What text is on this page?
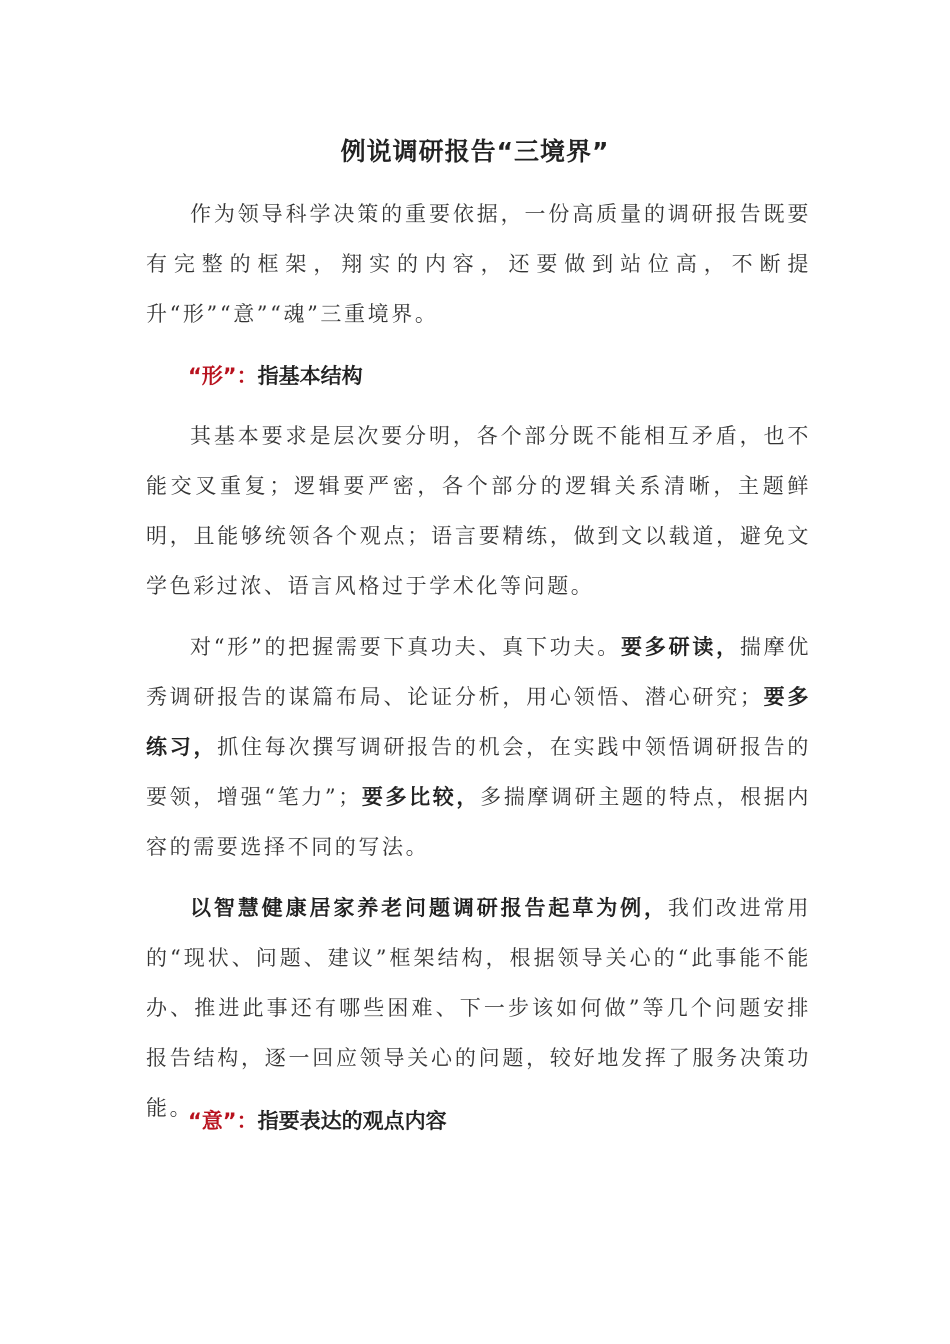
例说调研报告“三境界”

作为领导科学决策的重要依据，一份高质量的调研报告既要有完整的框架，翔实的内容，还要做到站位高，不断提升“形”“意”“魂”三重境界。

“形”：指基本结构

其基本要求是层次要分明，各个部分既不能相互矛盾，也不能交叉重复；逻辑要严密，各个部分的逻辑关系清晰，主题鲜明，且能够统领各个观点；语言要精练，做到文以载道，避免文学色彩过浓、语言风格过于学术化等问题。

对“形”的把握需要下真功夫、真下功夫。要多研读，揣摩优秀调研报告的谋篇布局、论证分析，用心领悟、潜心研究；要多练习，抓住每次撰写调研报告的机会，在实践中领悟调研报告的要领，增强“笔力”；要多比较，多揣摩调研主题的特点，根据内容的需要选择不同的写法。

以智慧健康居家养老问题调研报告起草为例，我们改进常用的“现状、问题、建议”框架结构，根据领导关心的“此事能不能办、推进此事还有哪些困难、下一步该如何做”等几个问题安排报告结构，逐一回应领导关心的问题，较好地发挥了服务决策功能。

“意”：指要表达的观点内容
